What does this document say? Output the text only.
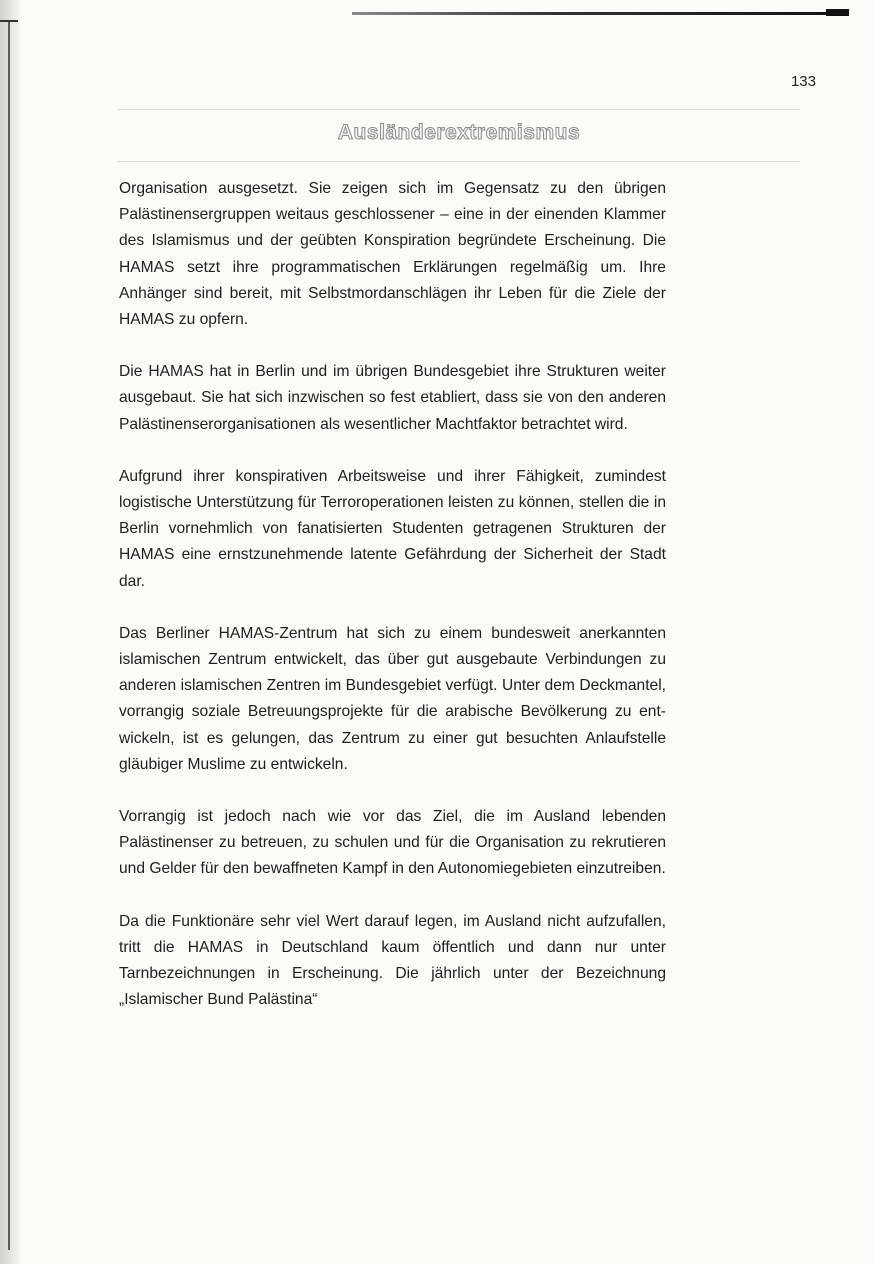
133
Ausländerextremismus

Organisation ausgesetzt. Sie zeigen sich im Gegensatz zu den übrigen Palästinensergruppen weitaus geschlossener – eine in der einenden Klammer des Islamismus und der geübten Konspiration begründete Erscheinung. Die HAMAS setzt ihre programmatischen Erklärungen regelmäßig um. Ihre Anhänger sind bereit, mit Selbstmordanschlägen ihr Leben für die Ziele der HAMAS zu opfern.

Die HAMAS hat in Berlin und im übrigen Bundesgebiet ihre Strukturen weiter ausgebaut. Sie hat sich inzwischen so fest etabliert, dass sie von den anderen Palästinenserorganisationen als wesentlicher Machtfaktor betrachtet wird.

Aufgrund ihrer konspirativen Arbeitsweise und ihrer Fähigkeit, zumindest logistische Unterstützung für Terroroperationen leisten zu können, stellen die in Berlin vornehmlich von fanatisierten Studenten getragenen Strukturen der HAMAS eine ernstzunehmende latente Gefährdung der Sicherheit der Stadt dar.

Das Berliner HAMAS-Zentrum hat sich zu einem bundesweit anerkannten islamischen Zentrum entwickelt, das über gut ausgebaute Verbindungen zu anderen islamischen Zentren im Bundesgebiet verfügt. Unter dem Deckmantel, vorrangig soziale Betreuungsprojekte für die arabische Bevölkerung zu entwickeln, ist es gelungen, das Zentrum zu einer gut besuchten Anlaufstelle gläubiger Muslime zu entwickeln.

Vorrangig ist jedoch nach wie vor das Ziel, die im Ausland lebenden Palästinenser zu betreuen, zu schulen und für die Organisation zu rekrutieren und Gelder für den bewaffneten Kampf in den Autonomiegebieten einzutreiben.

Da die Funktionäre sehr viel Wert darauf legen, im Ausland nicht aufzufallen, tritt die HAMAS in Deutschland kaum öffentlich und dann nur unter Tarnbezeichnungen in Erscheinung. Die jährlich unter der Bezeichnung „Islamischer Bund Palästina“
